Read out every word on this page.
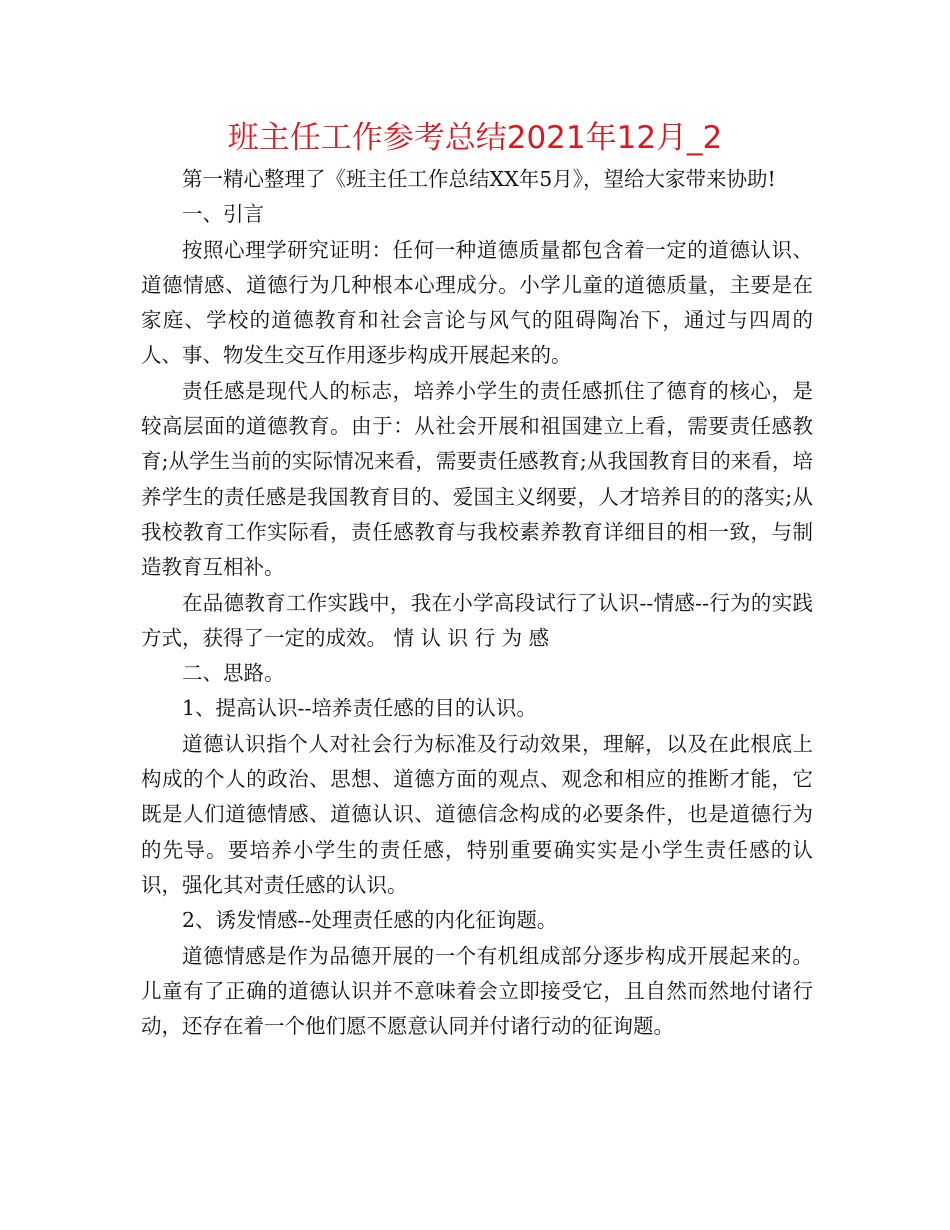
班主任工作参考总结2021年12月_2

第一精心整理了《班主任工作总结XX年5月》，望给大家带来协助!

一、引言

按照心理学研究证明：任何一种道德质量都包含着一定的道德认识、道德情感、道德行为几种根本心理成分。小学儿童的道德质量，主要是在家庭、学校的道德教育和社会言论与风气的阻碍陶冶下，通过与四周的人、事、物发生交互作用逐步构成开展起来的。

责任感是现代人的标志，培养小学生的责任感抓住了德育的核心，是较高层面的道德教育。由于：从社会开展和祖国建立上看，需要责任感教育;从学生当前的实际情况来看，需要责任感教育;从我国教育目的来看，培养学生的责任感是我国教育目的、爱国主义纲要，人才培养目的的落实;从我校教育工作实际看，责任感教育与我校素养教育详细目的相一致，与制造教育互相补。

在品德教育工作实践中，我在小学高段试行了认识--情感--行为的实践方式，获得了一定的成效。 情 认 识 行 为 感

二、思路。

1、提高认识--培养责任感的目的认识。

道德认识指个人对社会行为标准及行动效果，理解，以及在此根底上构成的个人的政治、思想、道德方面的观点、观念和相应的推断才能，它既是人们道德情感、道德认识、道德信念构成的必要条件，也是道德行为的先导。要培养小学生的责任感，特别重要确实实是小学生责任感的认识，强化其对责任感的认识。

2、诱发情感--处理责任感的内化征询题。

道德情感是作为品德开展的一个有机组成部分逐步构成开展起来的。儿童有了正确的道德认识并不意味着会立即接受它，且自然而然地付诸行动，还存在着一个他们愿不愿意认同并付诸行动的征询题。
